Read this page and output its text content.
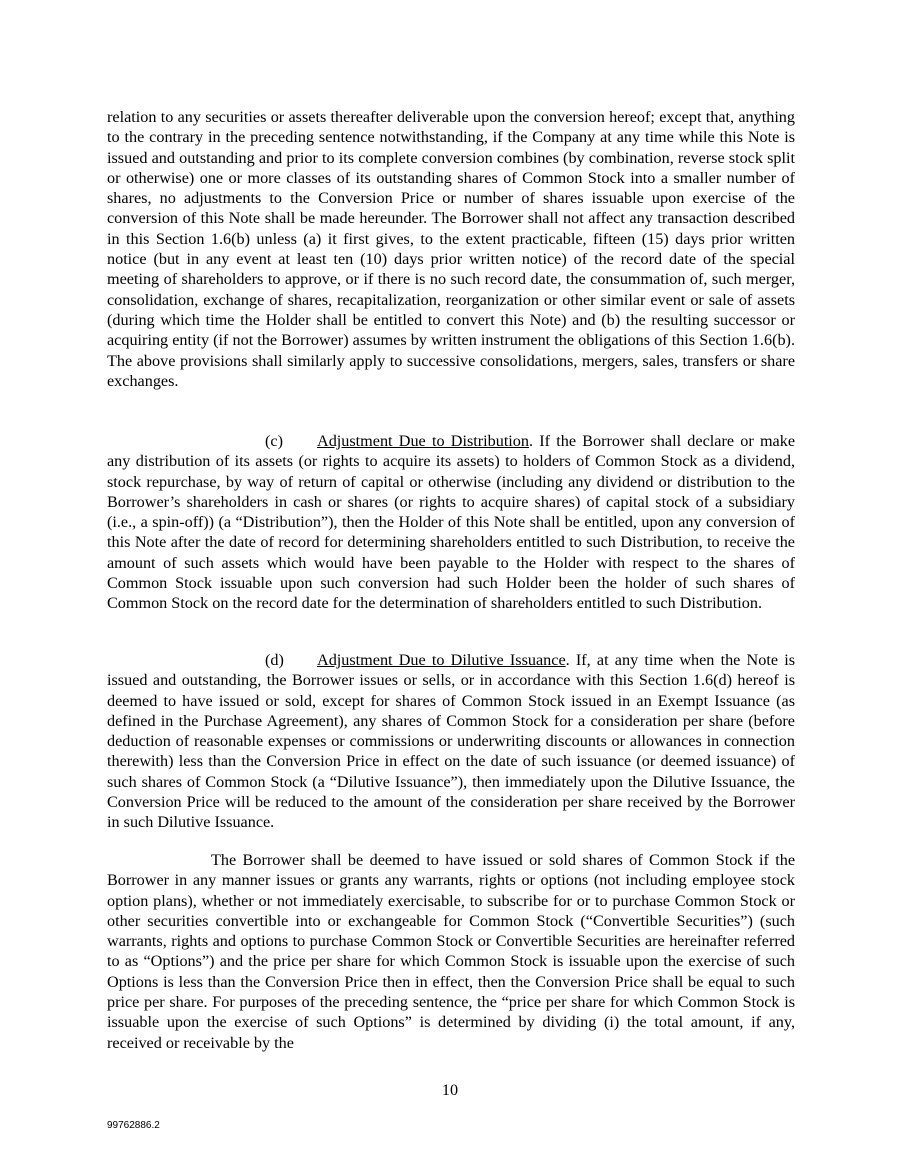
relation to any securities or assets thereafter deliverable upon the conversion hereof; except that, anything to the contrary in the preceding sentence notwithstanding, if the Company at any time while this Note is issued and outstanding and prior to its complete conversion combines (by combination, reverse stock split or otherwise) one or more classes of its outstanding shares of Common Stock into a smaller number of shares, no adjustments to the Conversion Price or number of shares issuable upon exercise of the conversion of this Note shall be made hereunder. The Borrower shall not affect any transaction described in this Section 1.6(b) unless (a) it first gives, to the extent practicable, fifteen (15) days prior written notice (but in any event at least ten (10) days prior written notice) of the record date of the special meeting of shareholders to approve, or if there is no such record date, the consummation of, such merger, consolidation, exchange of shares, recapitalization, reorganization or other similar event or sale of assets (during which time the Holder shall be entitled to convert this Note) and (b) the resulting successor or acquiring entity (if not the Borrower) assumes by written instrument the obligations of this Section 1.6(b). The above provisions shall similarly apply to successive consolidations, mergers, sales, transfers or share exchanges.

(c) Adjustment Due to Distribution. If the Borrower shall declare or make any distribution of its assets (or rights to acquire its assets) to holders of Common Stock as a dividend, stock repurchase, by way of return of capital or otherwise (including any dividend or distribution to the Borrower’s shareholders in cash or shares (or rights to acquire shares) of capital stock of a subsidiary (i.e., a spin-off)) (a “Distribution”), then the Holder of this Note shall be entitled, upon any conversion of this Note after the date of record for determining shareholders entitled to such Distribution, to receive the amount of such assets which would have been payable to the Holder with respect to the shares of Common Stock issuable upon such conversion had such Holder been the holder of such shares of Common Stock on the record date for the determination of shareholders entitled to such Distribution.

(d) Adjustment Due to Dilutive Issuance. If, at any time when the Note is issued and outstanding, the Borrower issues or sells, or in accordance with this Section 1.6(d) hereof is deemed to have issued or sold, except for shares of Common Stock issued in an Exempt Issuance (as defined in the Purchase Agreement), any shares of Common Stock for a consideration per share (before deduction of reasonable expenses or commissions or underwriting discounts or allowances in connection therewith) less than the Conversion Price in effect on the date of such issuance (or deemed issuance) of such shares of Common Stock (a “Dilutive Issuance”), then immediately upon the Dilutive Issuance, the Conversion Price will be reduced to the amount of the consideration per share received by the Borrower in such Dilutive Issuance.

The Borrower shall be deemed to have issued or sold shares of Common Stock if the Borrower in any manner issues or grants any warrants, rights or options (not including employee stock option plans), whether or not immediately exercisable, to subscribe for or to purchase Common Stock or other securities convertible into or exchangeable for Common Stock (“Convertible Securities”) (such warrants, rights and options to purchase Common Stock or Convertible Securities are hereinafter referred to as “Options”) and the price per share for which Common Stock is issuable upon the exercise of such Options is less than the Conversion Price then in effect, then the Conversion Price shall be equal to such price per share. For purposes of the preceding sentence, the “price per share for which Common Stock is issuable upon the exercise of such Options” is determined by dividing (i) the total amount, if any, received or receivable by the

10
99762886.2
